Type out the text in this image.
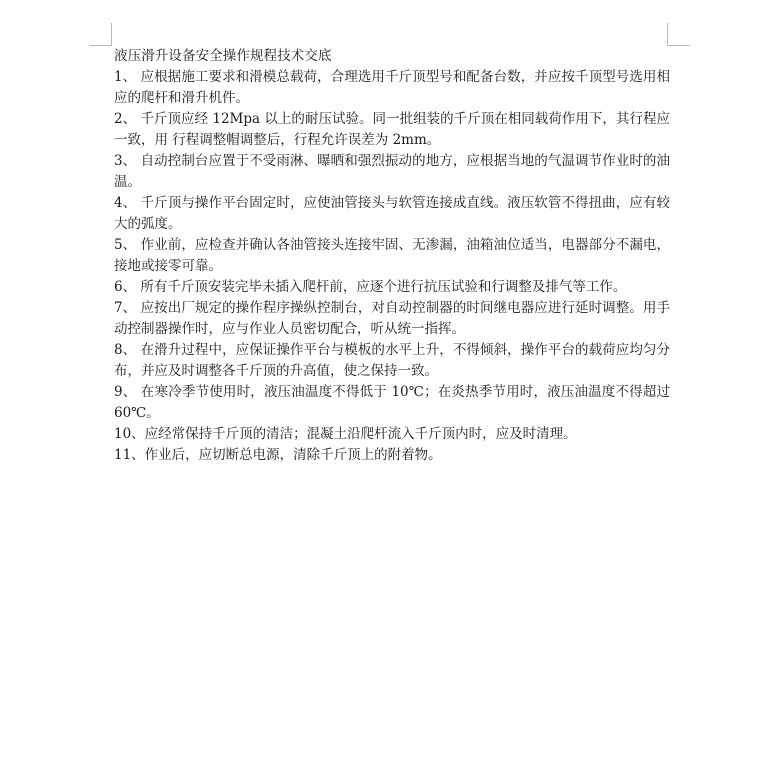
液压滑升设备安全操作规程技术交底

1、 应根据施工要求和滑模总载荷，合理选用千斤顶型号和配备台数，并应按千顶型号选用相应的爬杆和滑升机件。

2、 千斤顶应经 12Mpa 以上的耐压试验。同一批组装的千斤顶在相同载荷作用下，其行程应一致，用 行程调整帽调整后，行程允许误差为 2mm。

3、 自动控制台应置于不受雨淋、曝晒和强烈振动的地方，应根据当地的气温调节作业时的油温。

4、 千斤顶与操作平台固定时，应使油管接头与软管连接成直线。液压软管不得扭曲，应有较大的弧度。

5、 作业前，应检查并确认各油管接头连接牢固、无渗漏，油箱油位适当，电器部分不漏电，接地或接零可靠。

6、 所有千斤顶安装完毕未插入爬杆前，应逐个进行抗压试验和行调整及排气等工作。

7、 应按出厂规定的操作程序操纵控制台，对自动控制器的时间继电器应进行延时调整。用手动控制器操作时，应与作业人员密切配合，听从统一指挥。

8、 在滑升过程中，应保证操作平台与模板的水平上升，不得倾斜，操作平台的载荷应均匀分布，并应及时调整各千斤顶的升高值，使之保持一致。

9、 在寒冷季节使用时，液压油温度不得低于 10℃；在炎热季节用时，液压油温度不得超过 60℃。

10、应经常保持千斤顶的清洁；混凝土沿爬杆流入千斤顶内时，应及时清理。

11、作业后，应切断总电源，清除千斤顶上的附着物。
